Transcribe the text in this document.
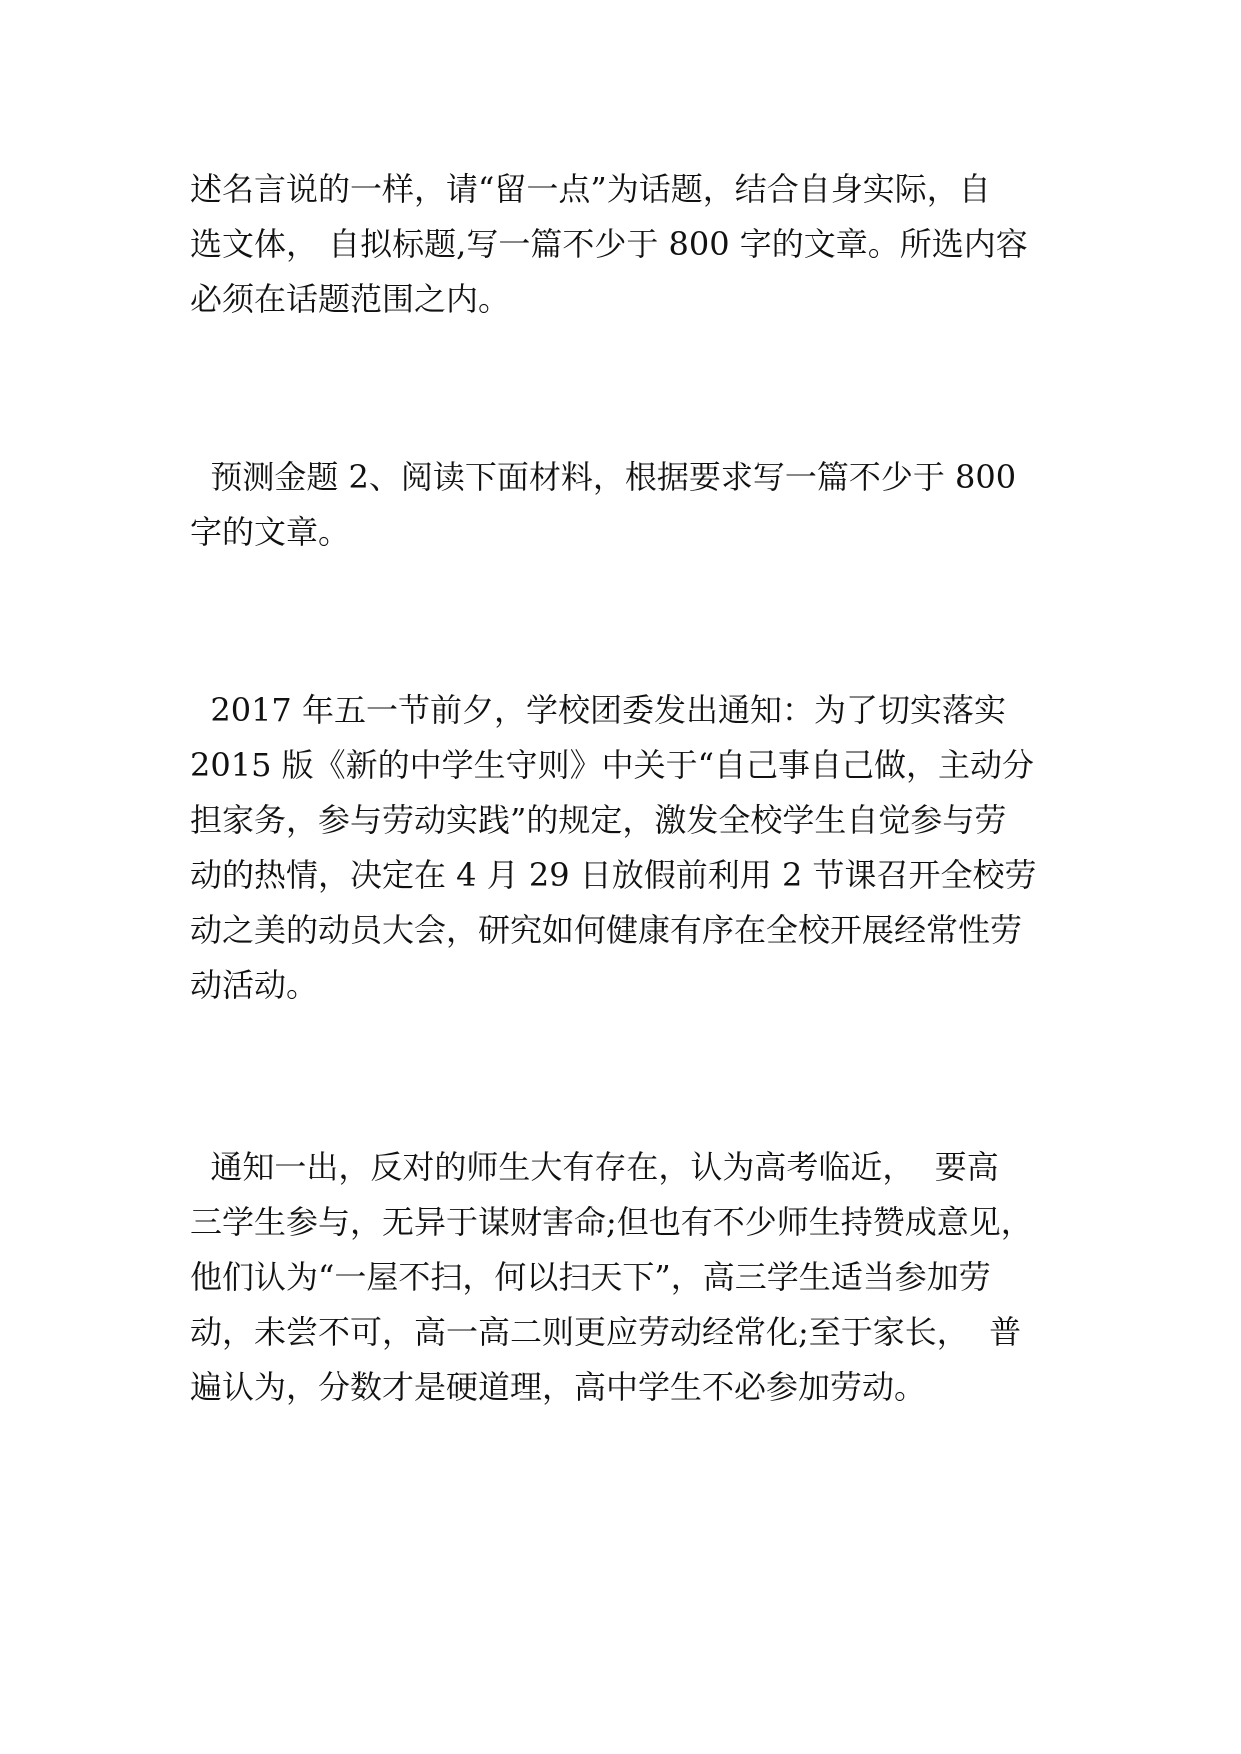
述名言说的一样，请“留一点”为话题，结合自身实际，自
选文体， 自拟标题,写一篇不少于 800 字的文章。所选内容
必须在话题范围之内。

预测金题 2、阅读下面材料，根据要求写一篇不少于 800
字的文章。

2017 年五一节前夕，学校团委发出通知：为了切实落实
2015 版《新的中学生守则》中关于“自己事自己做，主动分
担家务，参与劳动实践”的规定，激发全校学生自觉参与劳
动的热情，决定在 4 月 29 日放假前利用 2 节课召开全校劳
动之美的动员大会，研究如何健康有序在全校开展经常性劳
动活动。

通知一出，反对的师生大有存在，认为高考临近，  要高
三学生参与，无异于谋财害命;但也有不少师生持赞成意见，
他们认为“一屋不扫，何以扫天下”，高三学生适当参加劳
动，未尝不可，高一高二则更应劳动经常化;至于家长，  普
遍认为，分数才是硬道理，高中学生不必参加劳动。
